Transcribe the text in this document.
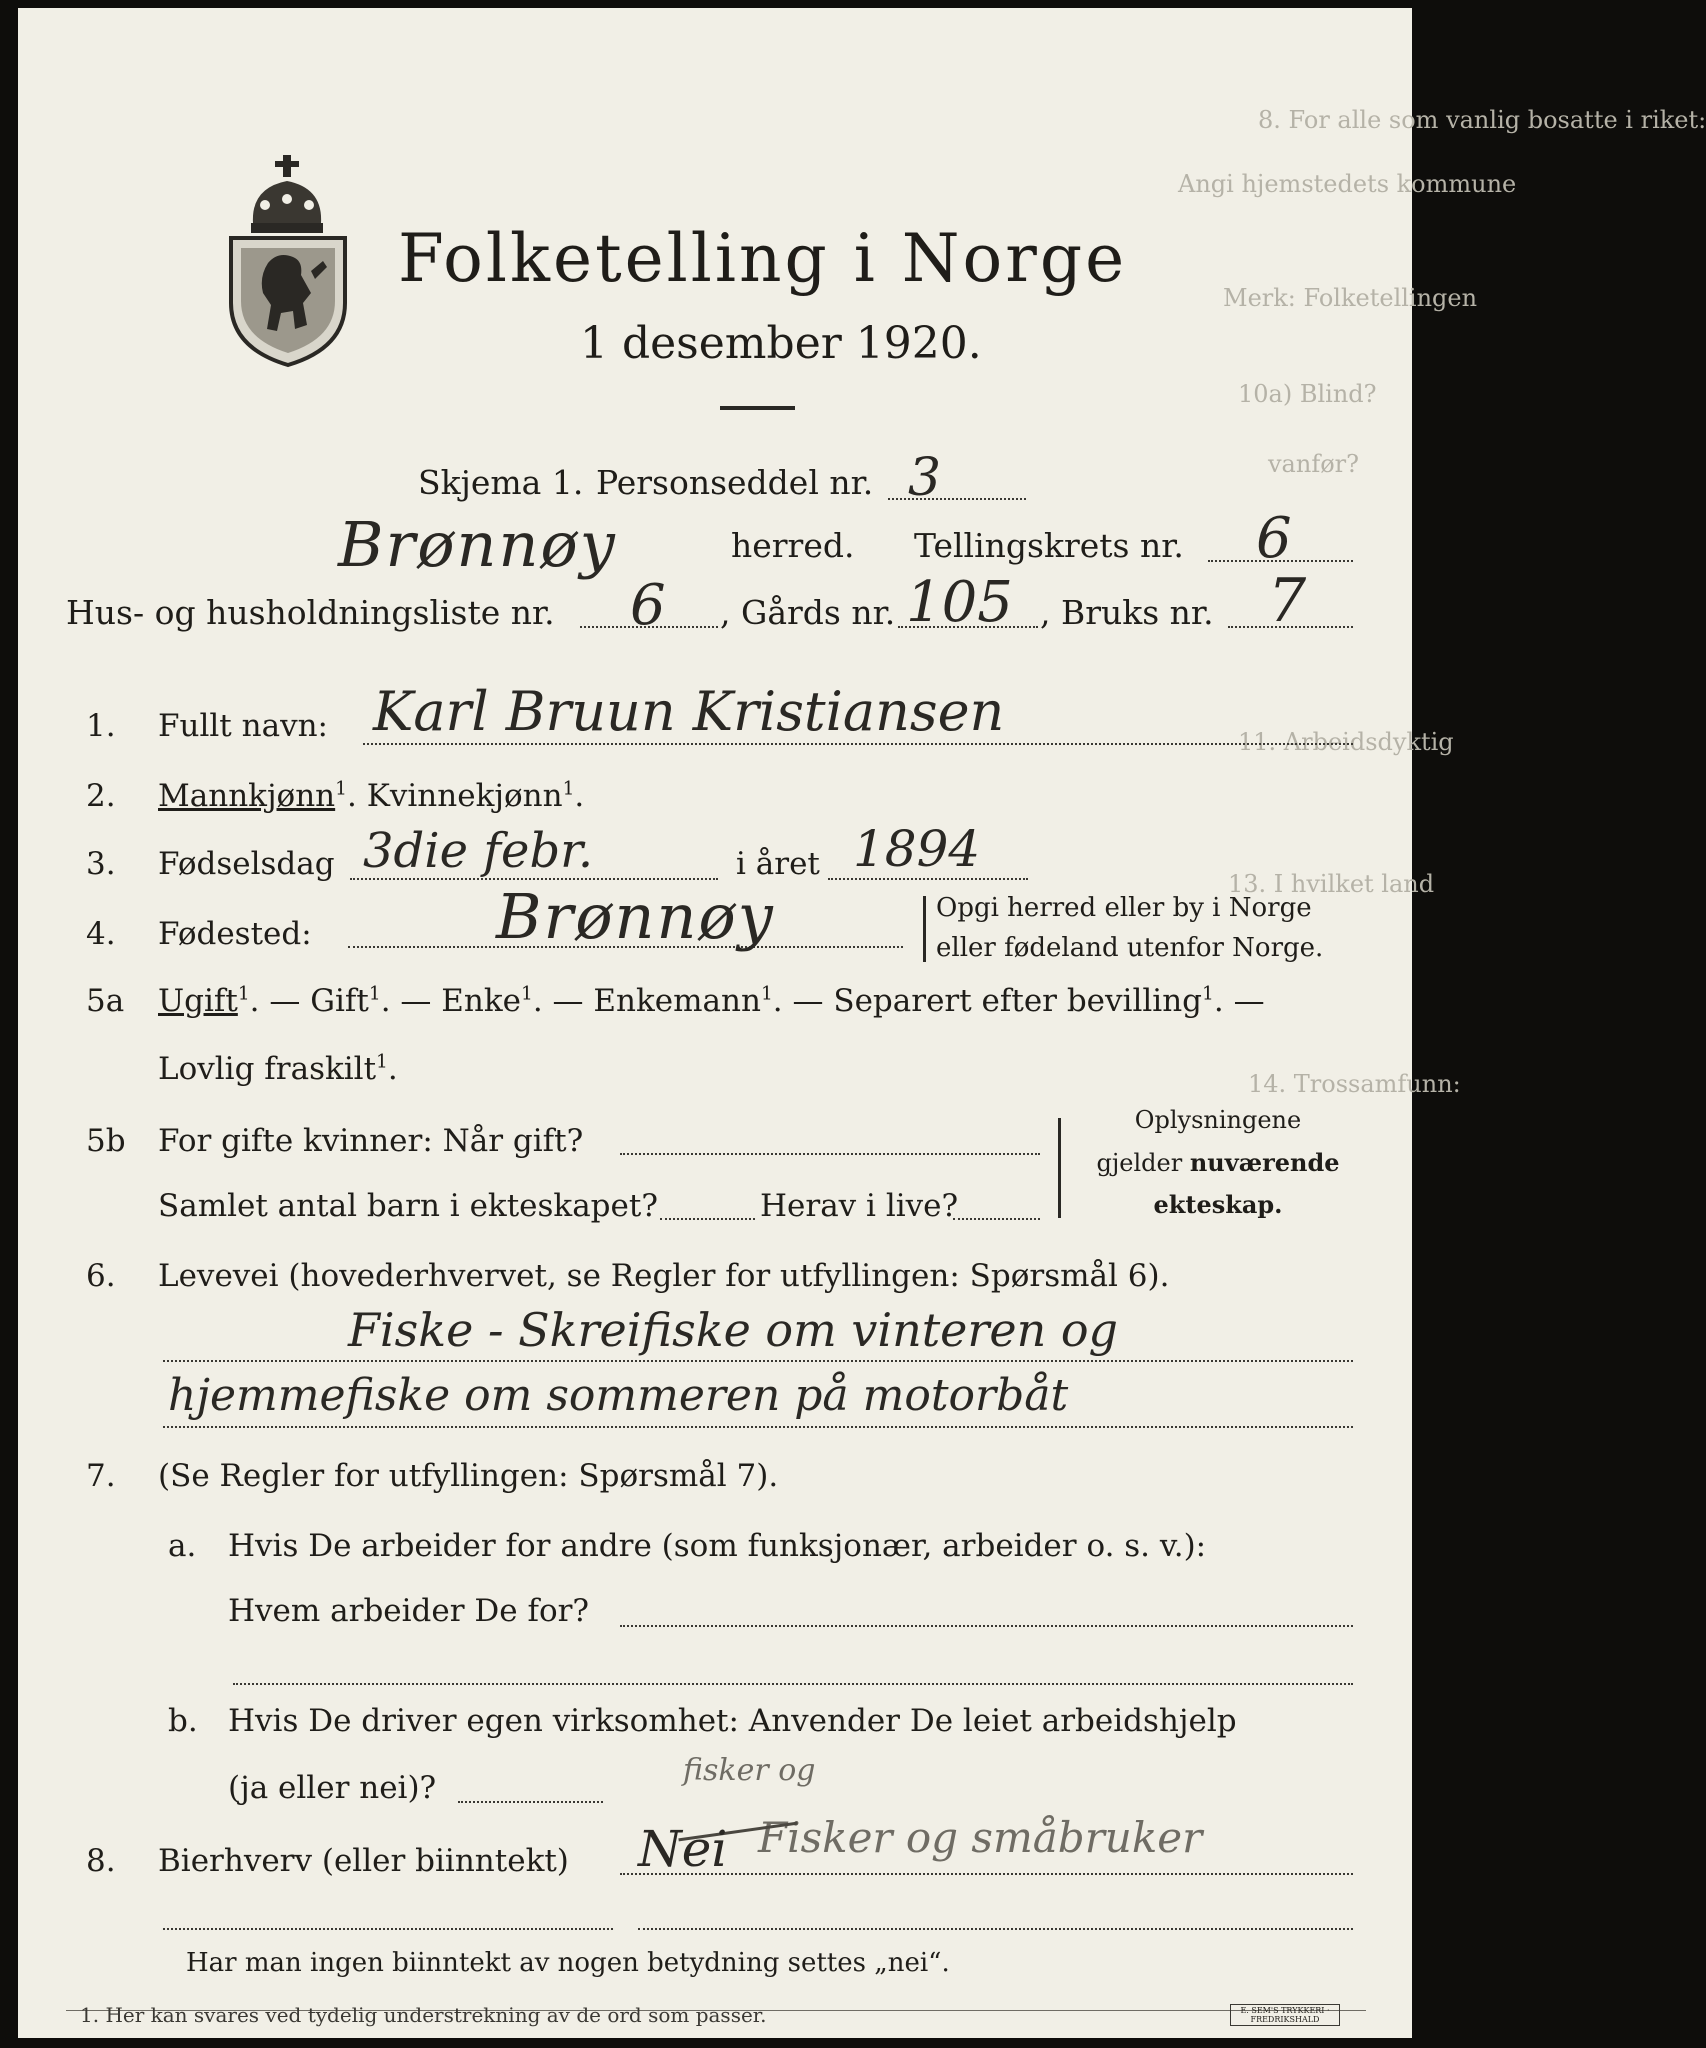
8. For alle som vanlig bosatte i riket:
Angi hjemstedets kommune
Merk: Folketellingen
10a) Blind?
vanfør?
11. Arbeidsdyktig
13. I hvilket land
14. Trossamfunn:
Folketelling i Norge
1 desember 1920.
Skjema 1. Personseddel nr. 3
Brønnøy	herred. Tellingskrets nr. 6
Hus- og husholdningsliste nr. 6 , Gårds nr. 105 , Bruks nr. 7
1. Fullt navn: Karl Bruun Kristiansen
2. Mannkjønn$^1$. Kvinnekjønn$^1$.
3. Fødselsdag 3die febr.	i året 1894
4. Fødested:	Brønnøy	Opgi herred eller by i Norge
eller fødeland utenfor Norge.
5a Ugift$^1$. — Gift$^1$. — Enke$^1$. — Enkemann$^1$. — Separert efter bevilling$^1$. —
Lovlig fraskilt$^1$.
5b For gifte kvinner: Når gift?
Samlet antal barn i ekteskapet?	Herav i live?
Oplysningene
gjelder nuværende
ekteskap.
6. Levevei (hovederhvervet, se Regler for utfyllingen: Spørsmål 6).
Fiske - Skreifiske om vinteren og
hjemmefiske om sommeren på motorbåt
7. (Se Regler for utfyllingen: Spørsmål 7).
a. Hvis De arbeider for andre (som funksjonær, arbeider o. s. v.):
Hvem arbeider De for?
b. Hvis De driver egen virksomhet: Anvender De leiet arbeidshjelp
(ja eller nei)?
8. Bierhverv (eller biinntekt)
fisker og
Fisker og småbruker
Nei
Har man ingen biinntekt av nogen betydning settes „nei“.
1. Her kan svares ved tydelig understrekning av de ord som passer.	E. SEM'S TRYKKERI · FREDRIKSHALD
